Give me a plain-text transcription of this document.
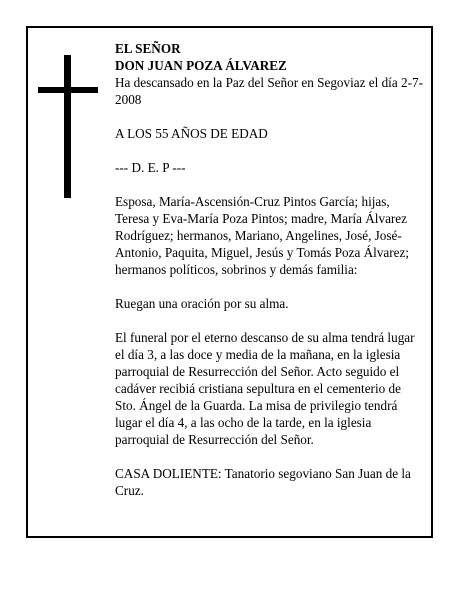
EL SEÑOR

DON JUAN POZA ÁLVAREZ

Ha descansado en la Paz del Señor en Segoviaz el día 2-7-2008

A LOS 55 AÑOS DE EDAD

--- D. E. P ---

Esposa, María-Ascensión-Cruz Pintos García; hijas, Teresa y Eva-María Poza Pintos; madre, María Álvarez Rodríguez; hermanos, Mariano, Angelines, José, José-Antonio, Paquita, Miguel, Jesús y Tomás Poza Álvarez; hermanos políticos, sobrinos y demás familia:

Ruegan una oración por su alma.

El funeral por el eterno descanso de su alma tendrá lugar el día 3, a las doce y media de la mañana, en la iglesia parroquial de Resurrección del Señor. Acto seguido el cadáver recibiá cristiana sepultura en el cementerio de Sto. Ángel de la Guarda. La misa de privilegio tendrá lugar el día 4, a las ocho de la tarde, en la iglesia parroquial de Resurrección del Señor.

CASA DOLIENTE: Tanatorio segoviano San Juan de la Cruz.
